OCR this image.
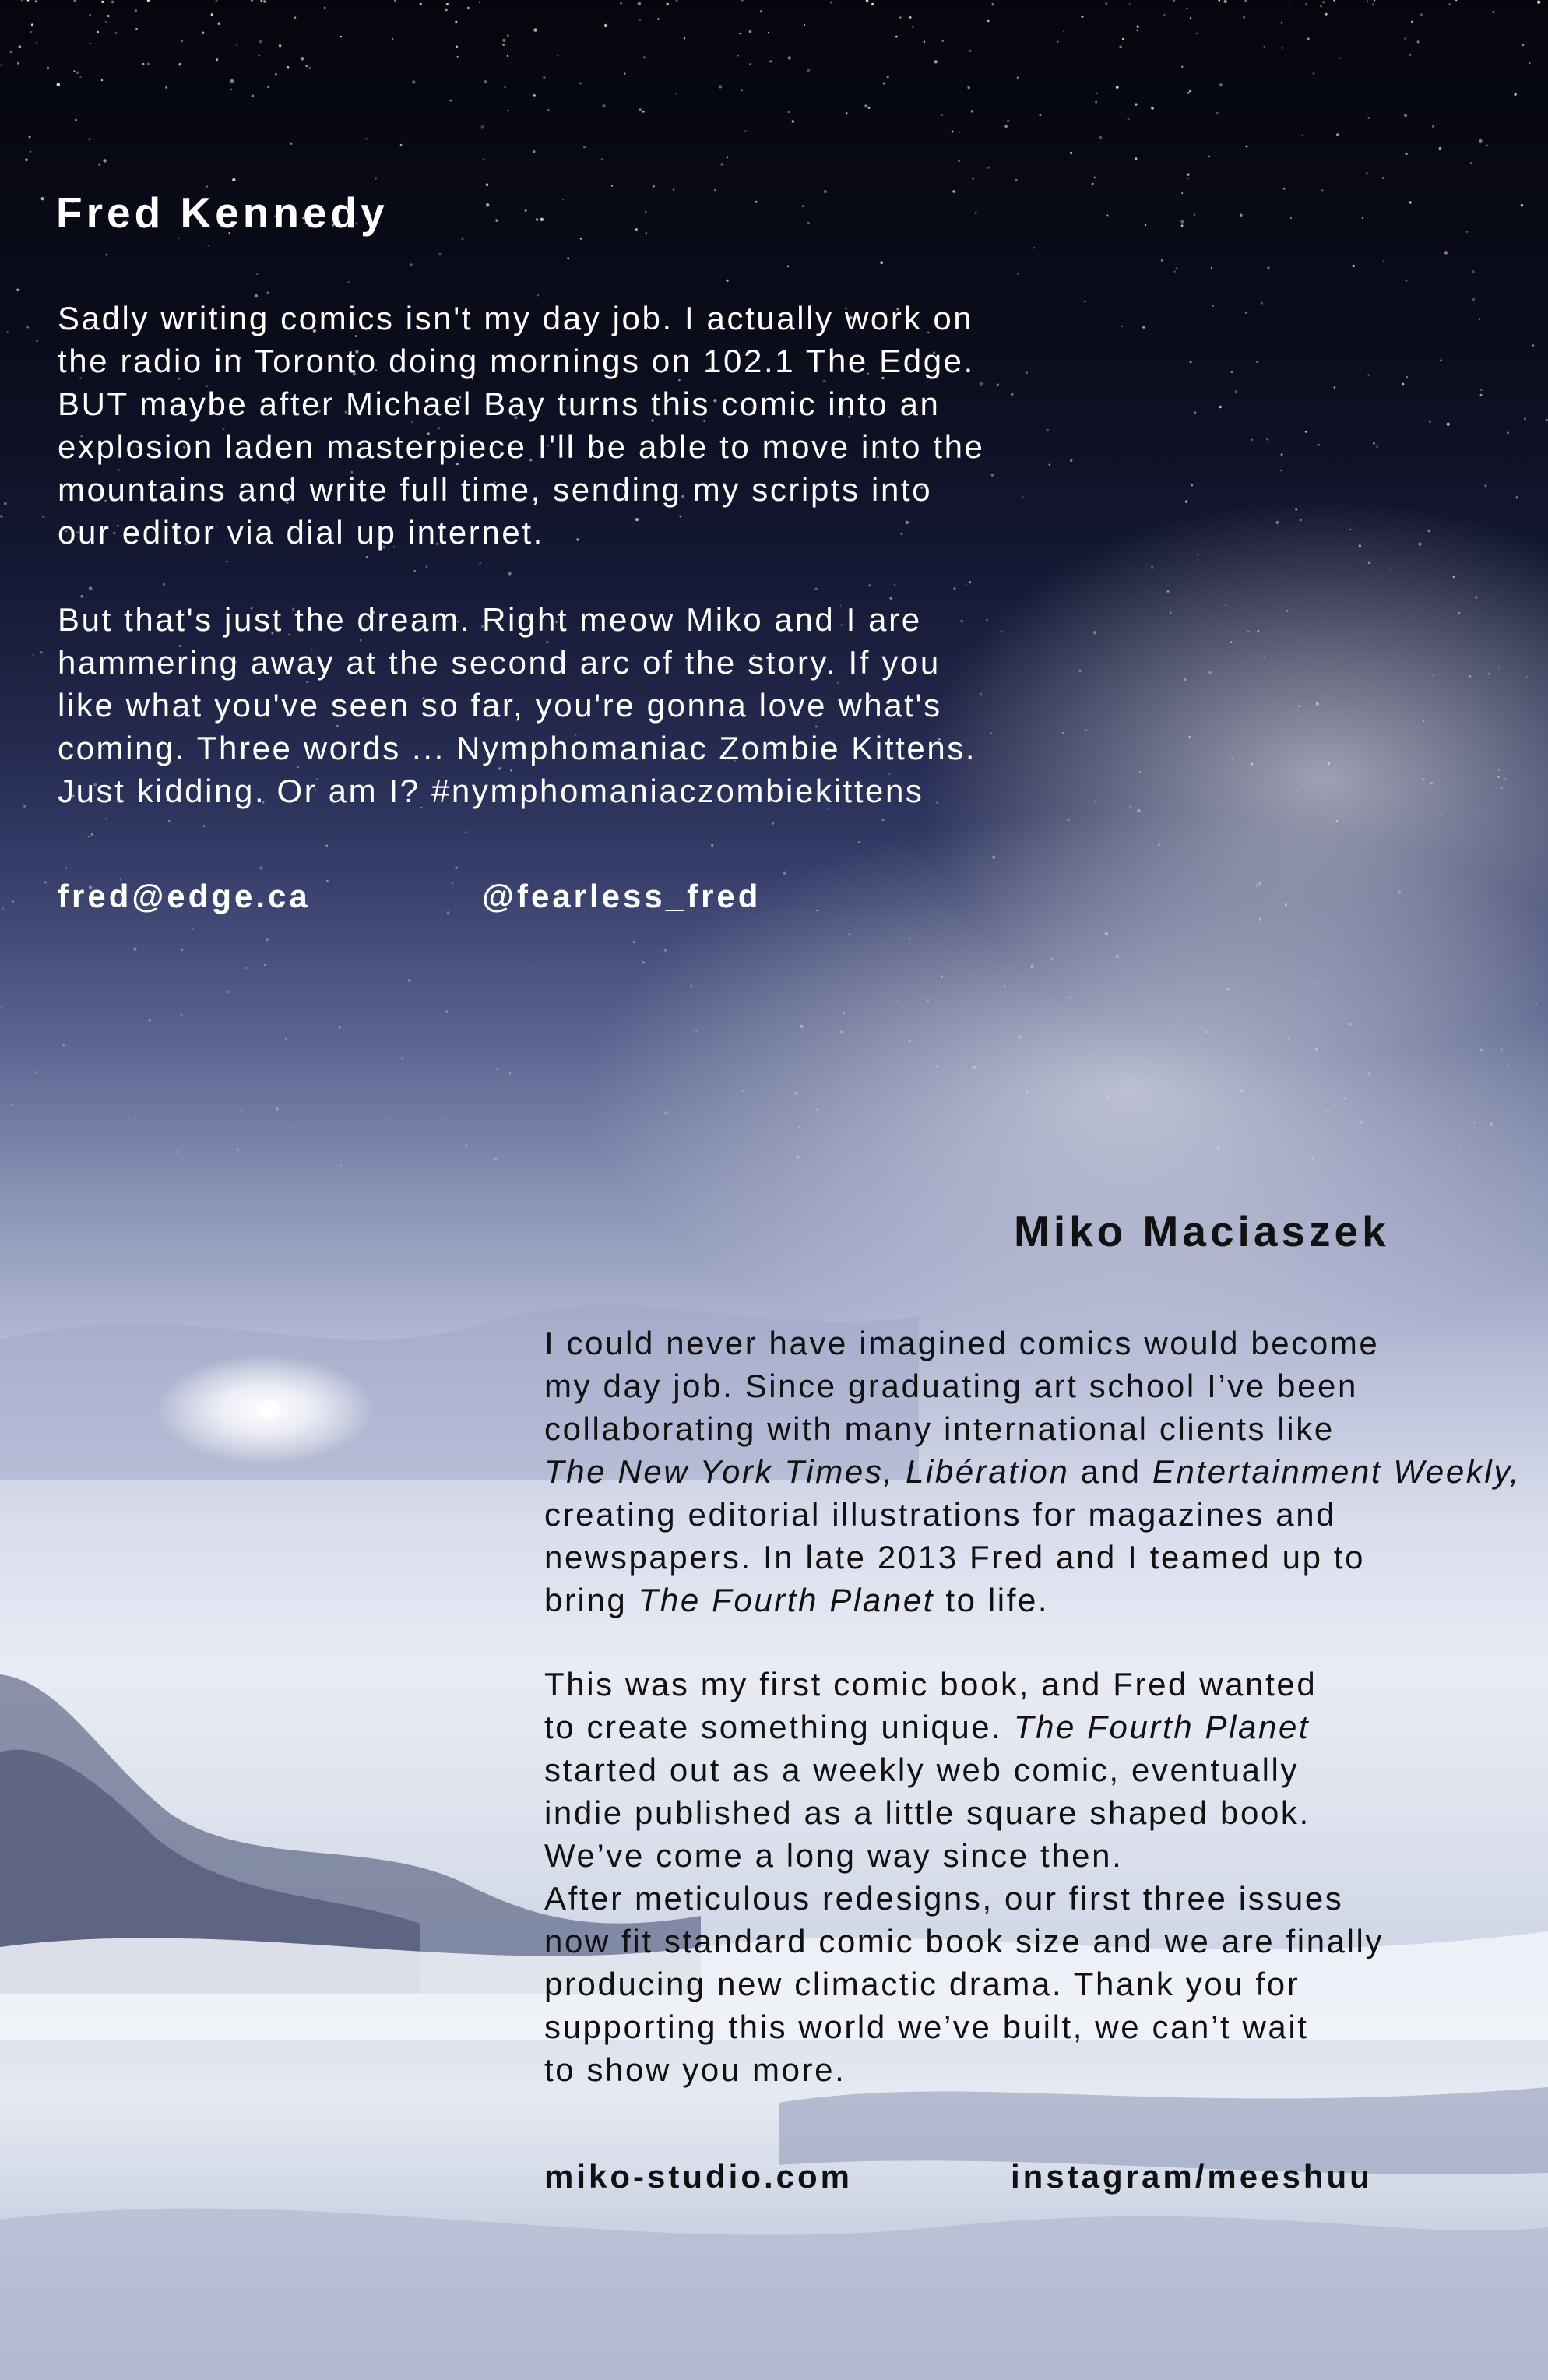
Fred Kennedy

Sadly writing comics isn't my day job. I actually work on
the radio in Toronto doing mornings on 102.1 The Edge.
BUT maybe after Michael Bay turns this comic into an
explosion laden masterpiece I'll be able to move into the
mountains and write full time, sending my scripts into
our editor via dial up internet.

But that's just the dream. Right meow Miko and I are
hammering away at the second arc of the story. If you
like what you've seen so far, you're gonna love what's
coming. Three words ... Nymphomaniac Zombie Kittens.
Just kidding. Or am I? #nymphomaniaczombiekittens

fred@edge.ca	@fearless_fred
Miko Maciaszek

I could never have imagined comics would become
my day job. Since graduating art school I’ve been
collaborating with many international clients like
The New York Times, Libération and Entertainment Weekly,
creating editorial illustrations for magazines and
newspapers. In late 2013 Fred and I teamed up to
bring The Fourth Planet to life.

This was my first comic book, and Fred wanted
to create something unique. The Fourth Planet
started out as a weekly web comic, eventually
indie published as a little square shaped book.
We’ve come a long way since then.
After meticulous redesigns, our first three issues
now fit standard comic book size and we are finally
producing new climactic drama. Thank you for
supporting this world we’ve built, we can’t wait
to show you more.

miko-studio.com	instagram/meeshuu
